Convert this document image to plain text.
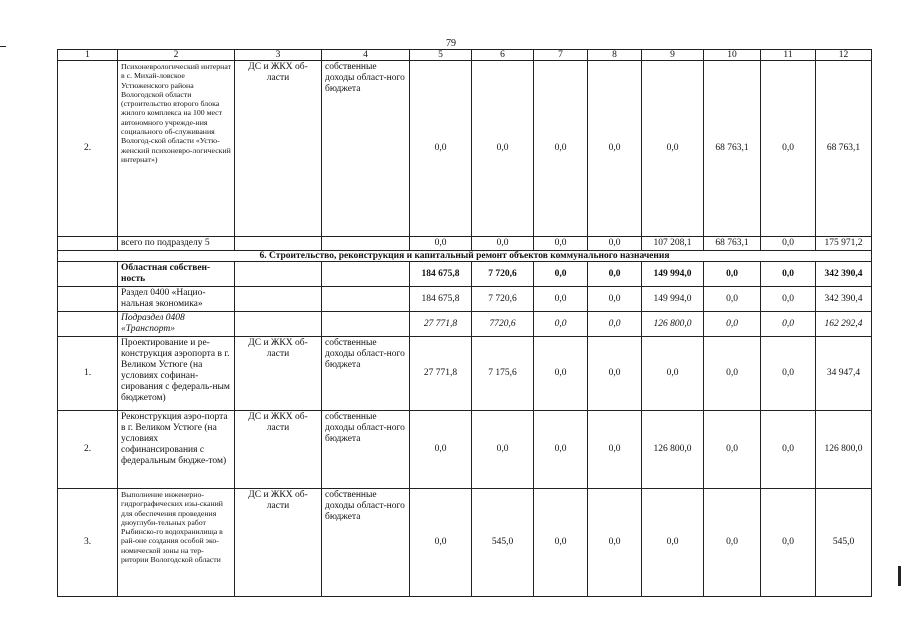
79
1	2	3	4	5	6	7	8	9	10	11	12
2.	Психоневрологический интернат в с. Михай-ловское Устюженского района Вологодской области (строительство второго блока жилого комплекса на 100 мест автономного учрежде-ния социального об-служивания Вологод-ской области «Устю-женский психоневро-логический интернат»)	ДС и ЖКХ об-ласти	собственные доходы област-ного бюджета	0,0	0,0	0,0	0,0	0,0	68 763,1	0,0	68 763,1
	всего по подразделу 5			0,0	0,0	0,0	0,0	107 208,1	68 763,1	0,0	175 971,2
6. Строительство, реконструкция и капитальный ремонт объектов коммунального назначения											
	Областная собствен-ность			184 675,8	7 720,6	0,0	0,0	149 994,0	0,0	0,0	342 390,4
	Раздел 0400 «Нацио-нальная экономика»			184 675,8	7 720,6	0,0	0,0	149 994,0	0,0	0,0	342 390,4
	Подраздел 0408 «Транспорт»			27 771,8	7720,6	0,0	0,0	126 800,0	0,0	0,0	162 292,4
1.	Проектирование и ре-конструкция аэропорта в г. Великом Устюге (на условиях софинан-сирования с федераль-ным бюджетом)	ДС и ЖКХ об-ласти	собственные доходы област-ного бюджета	27 771,8	7 175,6	0,0	0,0	0,0	0,0	0,0	34 947,4
2.	Реконструкция аэро-порта в г. Великом Устюге (на условиях софинансирования с федеральным бюдже-том)	ДС и ЖКХ об-ласти	собственные доходы област-ного бюджета	0,0	0,0	0,0	0,0	126 800,0	0,0	0,0	126 800,0
3.	Выполнение инженерно-гидрографических изы-сканий для обеспечения проведения дноуглуби-тельных работ Рыбинско-го водохранилища в рай-оне создания особой эко-номической зоны на тер-ритории Вологодской области	ДС и ЖКХ об-ласти	собственные доходы област-ного бюджета	0,0	545,0	0,0	0,0	0,0	0,0	0,0	545,0
